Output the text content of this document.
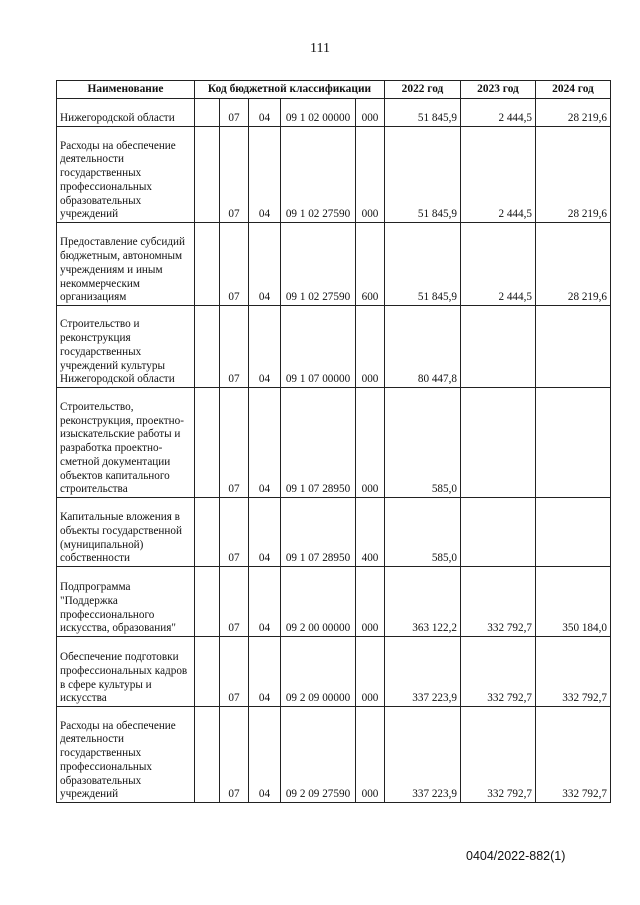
111
Наименование	Код бюджетной классификации					2022 год	2023 год	2024 год
Нижегородской области		07	04	09 1 02 00000	000	51 845,9	2 444,5	28 219,6
Расходы на обеспечение деятельности государственных профессиональных образовательных учреждений		07	04	09 1 02 27590	000	51 845,9	2 444,5	28 219,6
Предоставление субсидий бюджетным, автономным учреждениям и иным некоммерческим организациям		07	04	09 1 02 27590	600	51 845,9	2 444,5	28 219,6
Строительство и реконструкция государственных учреждений культуры Нижегородской области		07	04	09 1 07 00000	000	80 447,8		
Строительство, реконструкция, проектно-изыскательские работы и разработка проектно-сметной документации объектов капитального строительства		07	04	09 1 07 28950	000	585,0		
Капитальные вложения в объекты государственной (муниципальной) собственности		07	04	09 1 07 28950	400	585,0		
Подпрограмма "Поддержка профессионального искусства, образования"		07	04	09 2 00 00000	000	363 122,2	332 792,7	350 184,0
Обеспечение подготовки профессиональных кадров в сфере культуры и искусства		07	04	09 2 09 00000	000	337 223,9	332 792,7	332 792,7
Расходы на обеспечение деятельности государственных профессиональных образовательных учреждений		07	04	09 2 09 27590	000	337 223,9	332 792,7	332 792,7
0404/2022-882(1)
